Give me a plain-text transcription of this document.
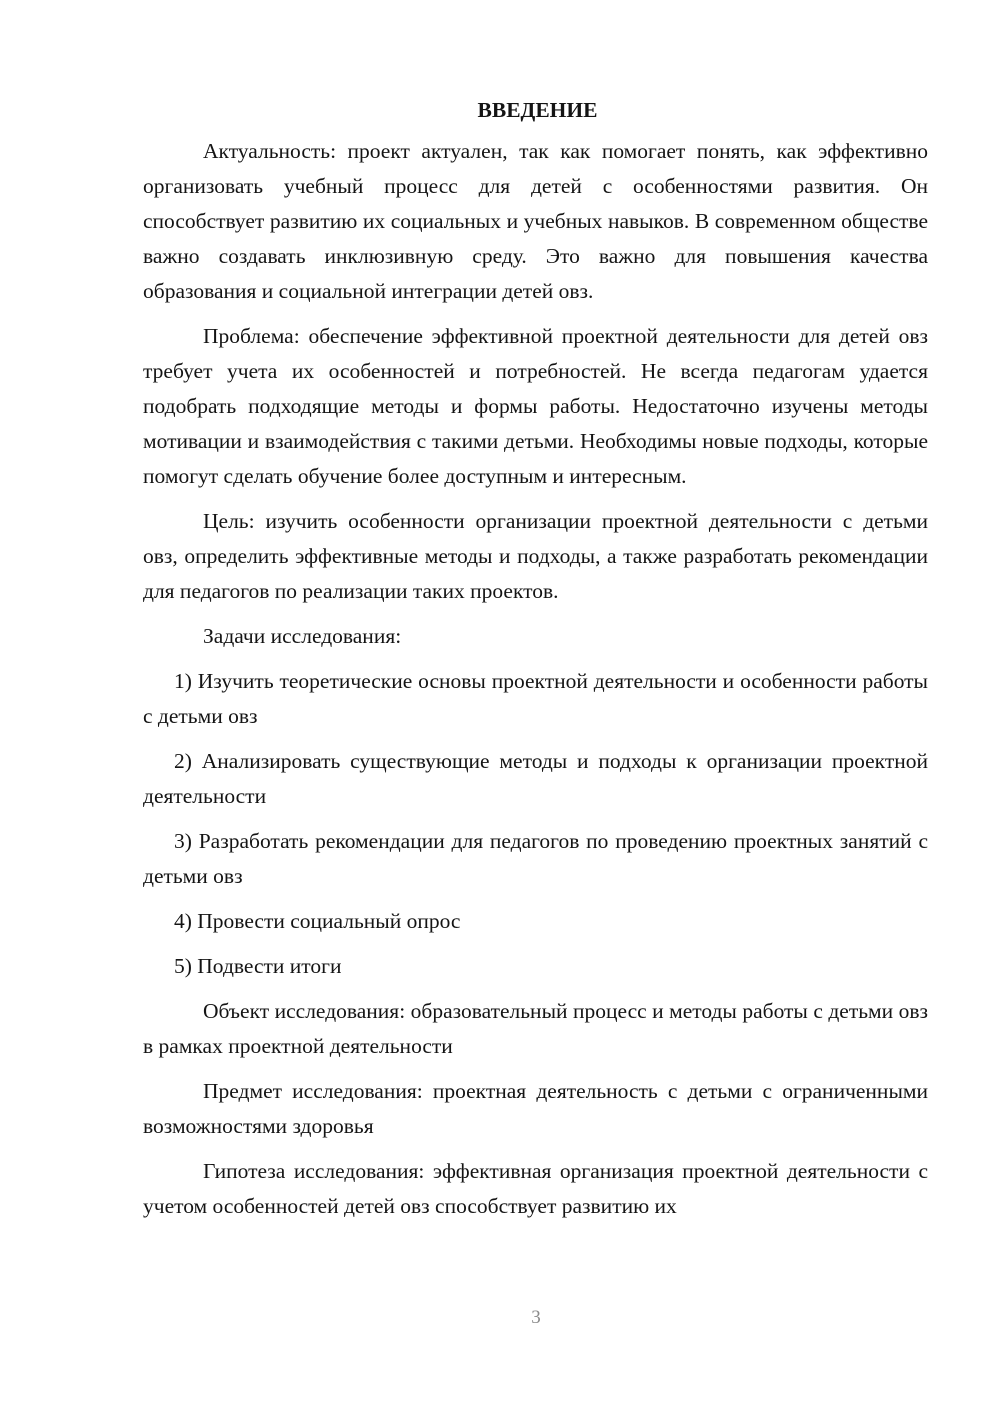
ВВЕДЕНИЕ

Актуальность: проект актуален, так как помогает понять, как эффективно организовать учебный процесс для детей с особенностями развития. Он способствует развитию их социальных и учебных навыков. В современном обществе важно создавать инклюзивную среду. Это важно для повышения качества образования и социальной интеграции детей овз.

Проблема: обеспечение эффективной проектной деятельности для детей овз требует учета их особенностей и потребностей. Не всегда педагогам удается подобрать подходящие методы и формы работы. Недостаточно изучены методы мотивации и взаимодействия с такими детьми. Необходимы новые подходы, которые помогут сделать обучение более доступным и интересным.

Цель: изучить особенности организации проектной деятельности с детьми овз, определить эффективные методы и подходы, а также разработать рекомендации для педагогов по реализации таких проектов.

Задачи исследования:

1) Изучить теоретические основы проектной деятельности и особенности работы с детьми овз

2) Анализировать существующие методы и подходы к организации проектной деятельности

3) Разработать рекомендации для педагогов по проведению проектных занятий с детьми овз

4) Провести социальный опрос

5) Подвести итоги

Объект исследования: образовательный процесс и методы работы с детьми овз в рамках проектной деятельности

Предмет исследования: проектная деятельность с детьми с ограниченными возможностями здоровья

Гипотеза исследования: эффективная организация проектной деятельности с учетом особенностей детей овз способствует развитию их

3
